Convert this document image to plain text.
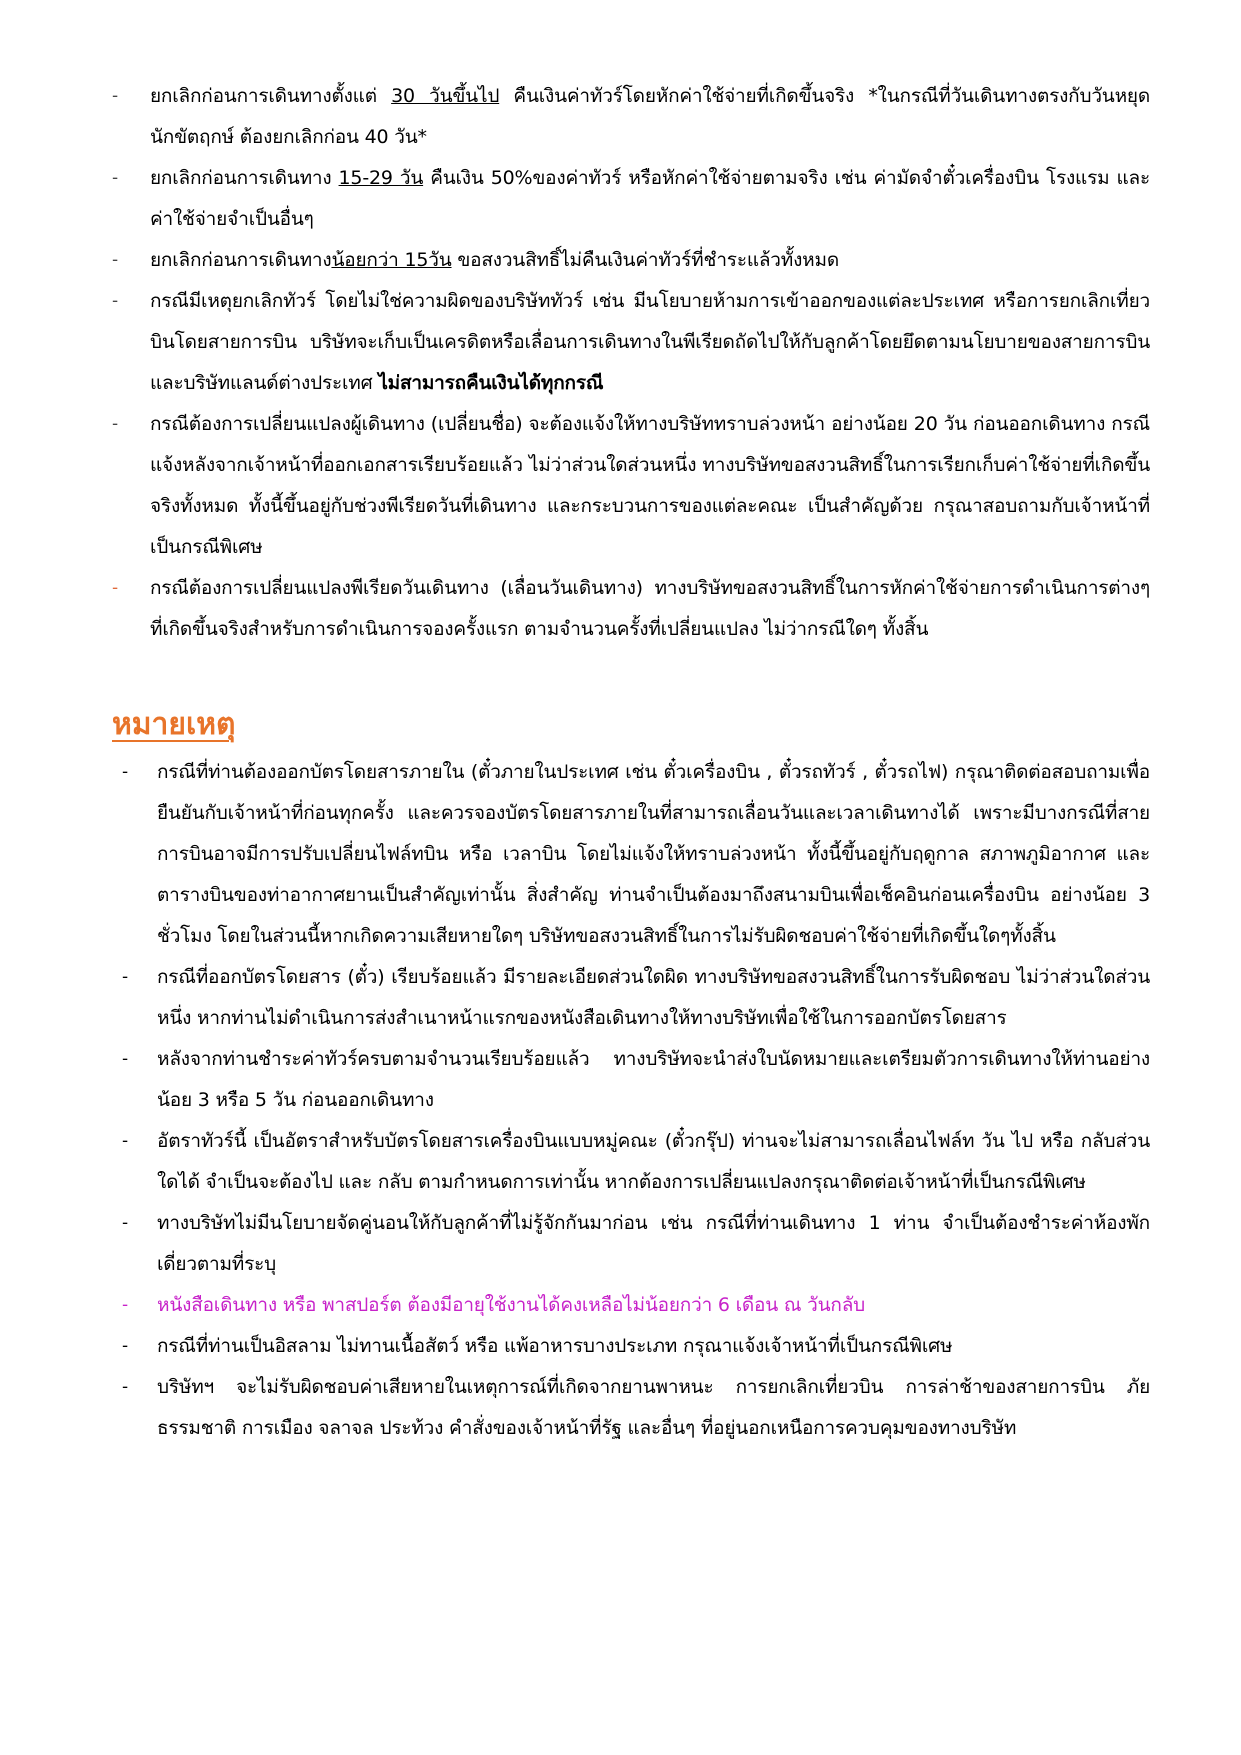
- ยกเลิกก่อนการเดินทางตั้งแต่ 30 วันขึ้นไป คืนเงินค่าทัวร์โดยหักค่าใช้จ่ายที่เกิดขึ้นจริง *ในกรณีที่วันเดินทางตรงกับวันหยุดนักขัตฤกษ์ ต้องยกเลิกก่อน 40 วัน*
- ยกเลิกก่อนการเดินทาง 15-29 วัน คืนเงิน 50%ของค่าทัวร์ หรือหักค่าใช้จ่ายตามจริง เช่น ค่ามัดจำตั๋วเครื่องบิน โรงแรม และค่าใช้จ่ายจำเป็นอื่นๆ
- ยกเลิกก่อนการเดินทางน้อยกว่า 15วัน ขอสงวนสิทธิ์ไม่คืนเงินค่าทัวร์ที่ชำระแล้วทั้งหมด
- กรณีมีเหตุยกเลิกทัวร์ โดยไม่ใช่ความผิดของบริษัททัวร์ เช่น มีนโยบายห้ามการเข้าออกของแต่ละประเทศ หรือการยกเลิกเที่ยวบินโดยสายการบิน บริษัทจะเก็บเป็นเครดิตหรือเลื่อนการเดินทางในพีเรียดถัดไปให้กับลูกค้าโดยยึดตามนโยบายของสายการบินและบริษัทแลนด์ต่างประเทศ ไม่สามารถคืนเงินได้ทุกกรณี
- กรณีต้องการเปลี่ยนแปลงผู้เดินทาง (เปลี่ยนชื่อ) จะต้องแจ้งให้ทางบริษัททราบล่วงหน้า อย่างน้อย 20 วัน ก่อนออกเดินทาง กรณีแจ้งหลังจากเจ้าหน้าที่ออกเอกสารเรียบร้อยแล้ว ไม่ว่าส่วนใดส่วนหนึ่ง ทางบริษัทขอสงวนสิทธิ์ในการเรียกเก็บค่าใช้จ่ายที่เกิดขึ้นจริงทั้งหมด ทั้งนี้ขึ้นอยู่กับช่วงพีเรียดวันที่เดินทาง และกระบวนการของแต่ละคณะ เป็นสำคัญด้วย กรุณาสอบถามกับเจ้าหน้าที่เป็นกรณีพิเศษ
- กรณีต้องการเปลี่ยนแปลงพีเรียดวันเดินทาง (เลื่อนวันเดินทาง) ทางบริษัทขอสงวนสิทธิ์ในการหักค่าใช้จ่ายการดำเนินการต่างๆ ที่เกิดขึ้นจริงสำหรับการดำเนินการจองครั้งแรก ตามจำนวนครั้งที่เปลี่ยนแปลง ไม่ว่ากรณีใดๆ ทั้งสิ้น
หมายเหตุ
- กรณีที่ท่านต้องออกบัตรโดยสารภายใน (ตั๋วภายในประเทศ เช่น ตั๋วเครื่องบิน , ตั๋วรถทัวร์ , ตั๋วรถไฟ) กรุณาติดต่อสอบถามเพื่อยืนยันกับเจ้าหน้าที่ก่อนทุกครั้ง และควรจองบัตรโดยสารภายในที่สามารถเลื่อนวันและเวลาเดินทางได้ เพราะมีบางกรณีที่สายการบินอาจมีการปรับเปลี่ยนไฟล์ทบิน หรือ เวลาบิน โดยไม่แจ้งให้ทราบล่วงหน้า ทั้งนี้ขึ้นอยู่กับฤดูกาล สภาพภูมิอากาศ และ ตารางบินของท่าอากาศยานเป็นสำคัญเท่านั้น สิ่งสำคัญ ท่านจำเป็นต้องมาถึงสนามบินเพื่อเช็คอินก่อนเครื่องบิน อย่างน้อย 3 ชั่วโมง โดยในส่วนนี้หากเกิดความเสียหายใดๆ บริษัทขอสงวนสิทธิ์ในการไม่รับผิดชอบค่าใช้จ่ายที่เกิดขึ้นใดๆทั้งสิ้น
- กรณีที่ออกบัตรโดยสาร (ตั๋ว) เรียบร้อยแล้ว มีรายละเอียดส่วนใดผิด ทางบริษัทขอสงวนสิทธิ์ในการรับผิดชอบ ไม่ว่าส่วนใดส่วนหนึ่ง หากท่านไม่ดำเนินการส่งสำเนาหน้าแรกของหนังสือเดินทางให้ทางบริษัทเพื่อใช้ในการออกบัตรโดยสาร
- หลังจากท่านชำระค่าทัวร์ครบตามจำนวนเรียบร้อยแล้ว ทางบริษัทจะนำส่งใบนัดหมายและเตรียมตัวการเดินทางให้ท่านอย่างน้อย 3 หรือ 5 วัน ก่อนออกเดินทาง
- อัตราทัวร์นี้ เป็นอัตราสำหรับบัตรโดยสารเครื่องบินแบบหมู่คณะ (ตั๋วกรุ๊ป) ท่านจะไม่สามารถเลื่อนไฟล์ท วัน ไป หรือ กลับส่วนใดได้ จำเป็นจะต้องไป และ กลับ ตามกำหนดการเท่านั้น หากต้องการเปลี่ยนแปลงกรุณาติดต่อเจ้าหน้าที่เป็นกรณีพิเศษ
- ทางบริษัทไม่มีนโยบายจัดคู่นอนให้กับลูกค้าที่ไม่รู้จักกันมาก่อน เช่น กรณีที่ท่านเดินทาง 1 ท่าน จำเป็นต้องชำระค่าห้องพักเดี่ยวตามที่ระบุ
- หนังสือเดินทาง หรือ พาสปอร์ต ต้องมีอายุใช้งานได้คงเหลือไม่น้อยกว่า 6 เดือน ณ วันกลับ
- กรณีที่ท่านเป็นอิสลาม ไม่ทานเนื้อสัตว์ หรือ แพ้อาหารบางประเภท กรุณาแจ้งเจ้าหน้าที่เป็นกรณีพิเศษ
- บริษัทฯ จะไม่รับผิดชอบค่าเสียหายในเหตุการณ์ที่เกิดจากยานพาหนะ การยกเลิกเที่ยวบิน การล่าช้าของสายการบิน ภัยธรรมชาติ การเมือง จลาจล ประท้วง คำสั่งของเจ้าหน้าที่รัฐ และอื่นๆ ที่อยู่นอกเหนือการควบคุมของทางบริษัท
